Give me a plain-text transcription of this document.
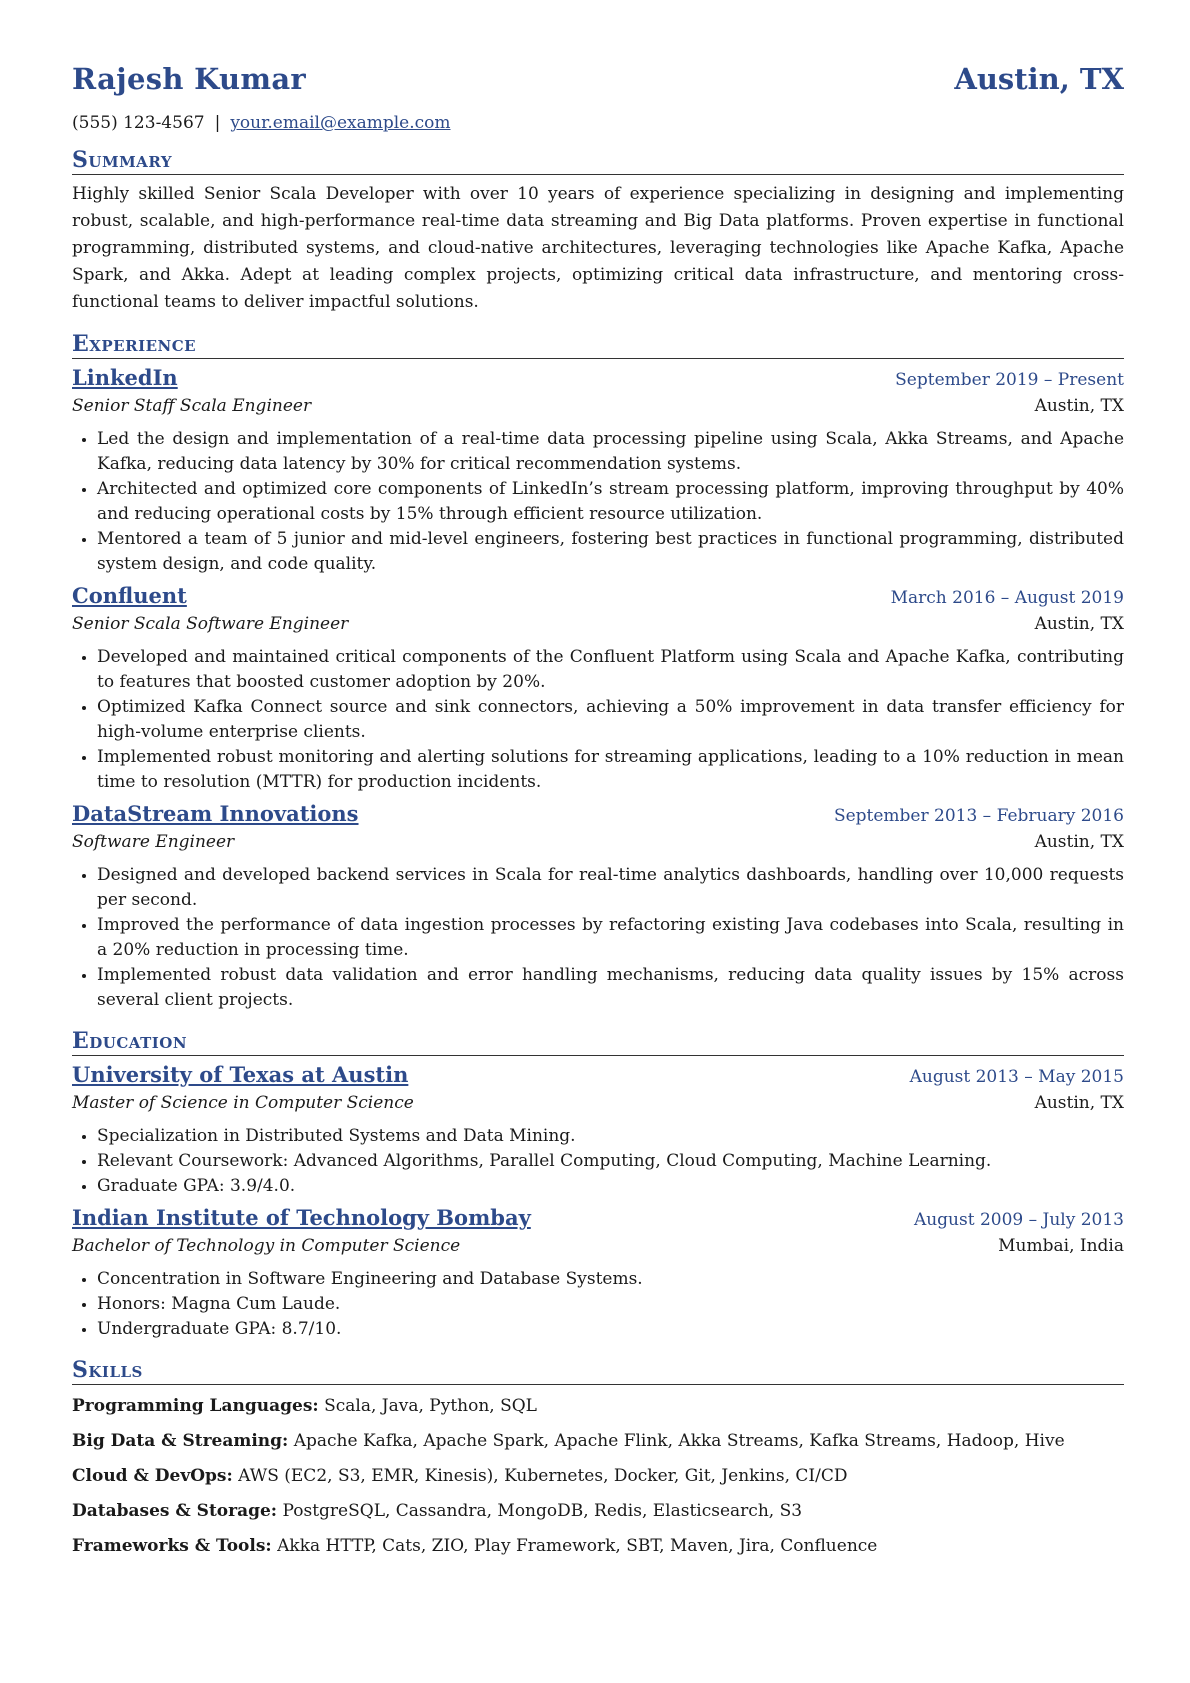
Rajesh Kumar	Austin, TX
(555) 123-4567 | your.email@example.com
Summary

Highly skilled Senior Scala Developer with over 10 years of experience specializing in designing and implementing robust, scalable, and high-performance real-time data streaming and Big Data platforms. Proven expertise in functional programming, distributed systems, and cloud-native architectures, leveraging technologies like Apache Kafka, Apache Spark, and Akka. Adept at leading complex projects, optimizing critical data infrastructure, and mentoring cross-functional teams to deliver impactful solutions.

Experience
LinkedIn	September 2019 – Present
Senior Staff Scala Engineer	Austin, TX
• Led the design and implementation of a real-time data processing pipeline using Scala, Akka Streams, and Apache Kafka, reducing data latency by 30% for critical recommendation systems.
• Architected and optimized core components of LinkedIn’s stream processing platform, improving throughput by 40% and reducing operational costs by 15% through efficient resource utilization.
• Mentored a team of 5 junior and mid-level engineers, fostering best practices in functional programming, distributed system design, and code quality.
Confluent	March 2016 – August 2019
Senior Scala Software Engineer	Austin, TX
• Developed and maintained critical components of the Confluent Platform using Scala and Apache Kafka, contributing to features that boosted customer adoption by 20%.
• Optimized Kafka Connect source and sink connectors, achieving a 50% improvement in data transfer efficiency for high-volume enterprise clients.
• Implemented robust monitoring and alerting solutions for streaming applications, leading to a 10% reduction in mean time to resolution (MTTR) for production incidents.
DataStream Innovations	September 2013 – February 2016
Software Engineer	Austin, TX
• Designed and developed backend services in Scala for real-time analytics dashboards, handling over 10,000 requests per second.
• Improved the performance of data ingestion processes by refactoring existing Java codebases into Scala, resulting in a 20% reduction in processing time.
• Implemented robust data validation and error handling mechanisms, reducing data quality issues by 15% across several client projects.
Education
University of Texas at Austin	August 2013 – May 2015
Master of Science in Computer Science	Austin, TX
• Specialization in Distributed Systems and Data Mining.
• Relevant Coursework: Advanced Algorithms, Parallel Computing, Cloud Computing, Machine Learning.
• Graduate GPA: 3.9/4.0.
Indian Institute of Technology Bombay	August 2009 – July 2013
Bachelor of Technology in Computer Science	Mumbai, India
• Concentration in Software Engineering and Database Systems.
• Honors: Magna Cum Laude.
• Undergraduate GPA: 8.7/10.
Skills
Programming Languages: Scala, Java, Python, SQL
Big Data & Streaming: Apache Kafka, Apache Spark, Apache Flink, Akka Streams, Kafka Streams, Hadoop, Hive
Cloud & DevOps: AWS (EC2, S3, EMR, Kinesis), Kubernetes, Docker, Git, Jenkins, CI/CD
Databases & Storage: PostgreSQL, Cassandra, MongoDB, Redis, Elasticsearch, S3
Frameworks & Tools: Akka HTTP, Cats, ZIO, Play Framework, SBT, Maven, Jira, Confluence
